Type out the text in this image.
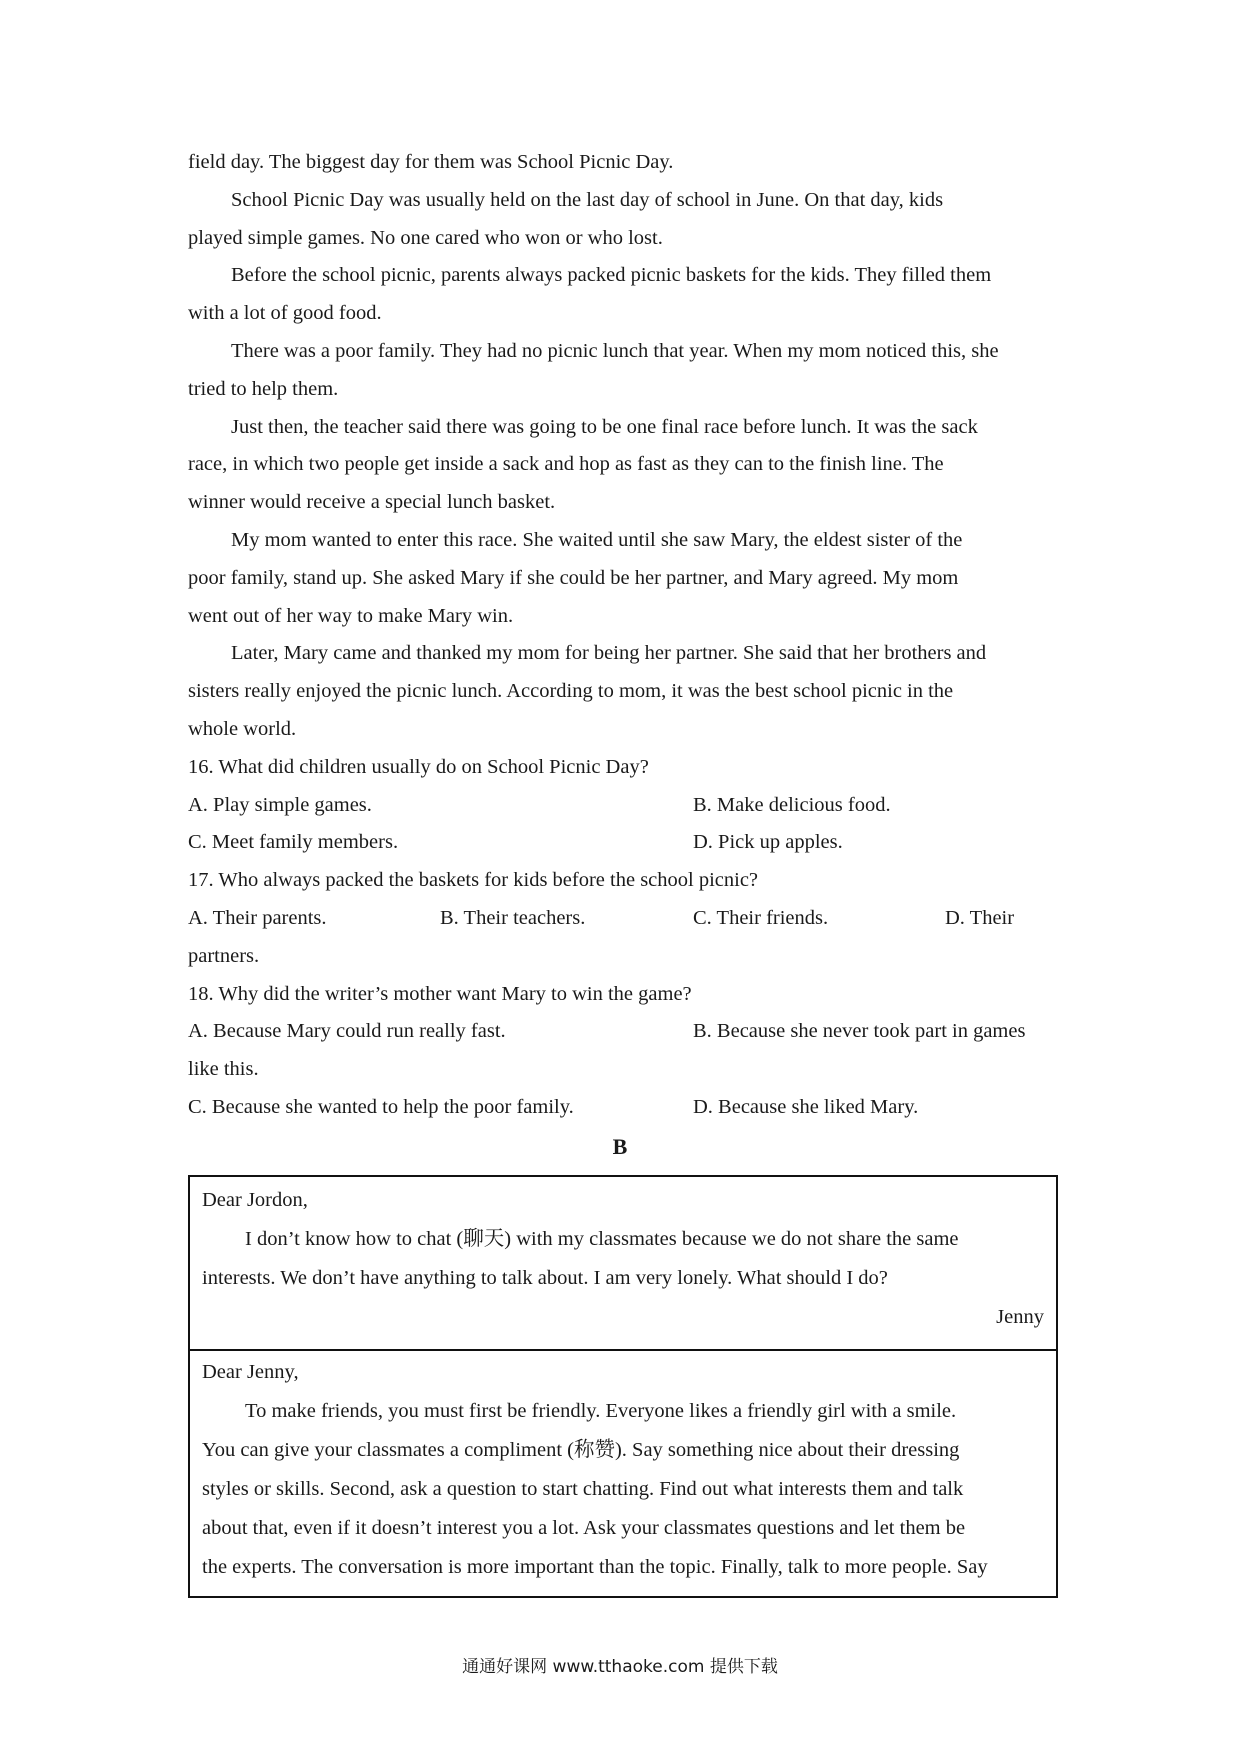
field day. The biggest day for them was School Picnic Day.
School Picnic Day was usually held on the last day of school in June. On that day, kids
played simple games. No one cared who won or who lost.
Before the school picnic, parents always packed picnic baskets for the kids. They filled them
with a lot of good food.
There was a poor family. They had no picnic lunch that year. When my mom noticed this, she
tried to help them.
Just then, the teacher said there was going to be one final race before lunch. It was the sack
race, in which two people get inside a sack and hop as fast as they can to the finish line. The
winner would receive a special lunch basket.
My mom wanted to enter this race. She waited until she saw Mary, the eldest sister of the
poor family, stand up. She asked Mary if she could be her partner, and Mary agreed. My mom
went out of her way to make Mary win.
Later, Mary came and thanked my mom for being her partner. She said that her brothers and
sisters really enjoyed the picnic lunch. According to mom, it was the best school picnic in the
whole world.
16. What did children usually do on School Picnic Day?
A. Play simple games.	B. Make delicious food.
C. Meet family members.	D. Pick up apples.
17. Who always packed the baskets for kids before the school picnic?
A. Their parents.	B. Their teachers.	C. Their friends.	D. Their
partners.
18. Why did the writer’s mother want Mary to win the game?
A. Because Mary could run really fast.	B. Because she never took part in games
like this.
C. Because she wanted to help the poor family.	D. Because she liked Mary.
B
Dear Jordon,
I don’t know how to chat (聊天) with my classmates because we do not share the same
interests. We don’t have anything to talk about. I am very lonely. What should I do?
Jenny
Dear Jenny,
To make friends, you must first be friendly. Everyone likes a friendly girl with a smile.
You can give your classmates a compliment (称赞). Say something nice about their dressing
styles or skills. Second, ask a question to start chatting. Find out what interests them and talk
about that, even if it doesn’t interest you a lot. Ask your classmates questions and let them be
the experts. The conversation is more important than the topic. Finally, talk to more people. Say
通通好课网 www.tthaoke.com 提供下载
